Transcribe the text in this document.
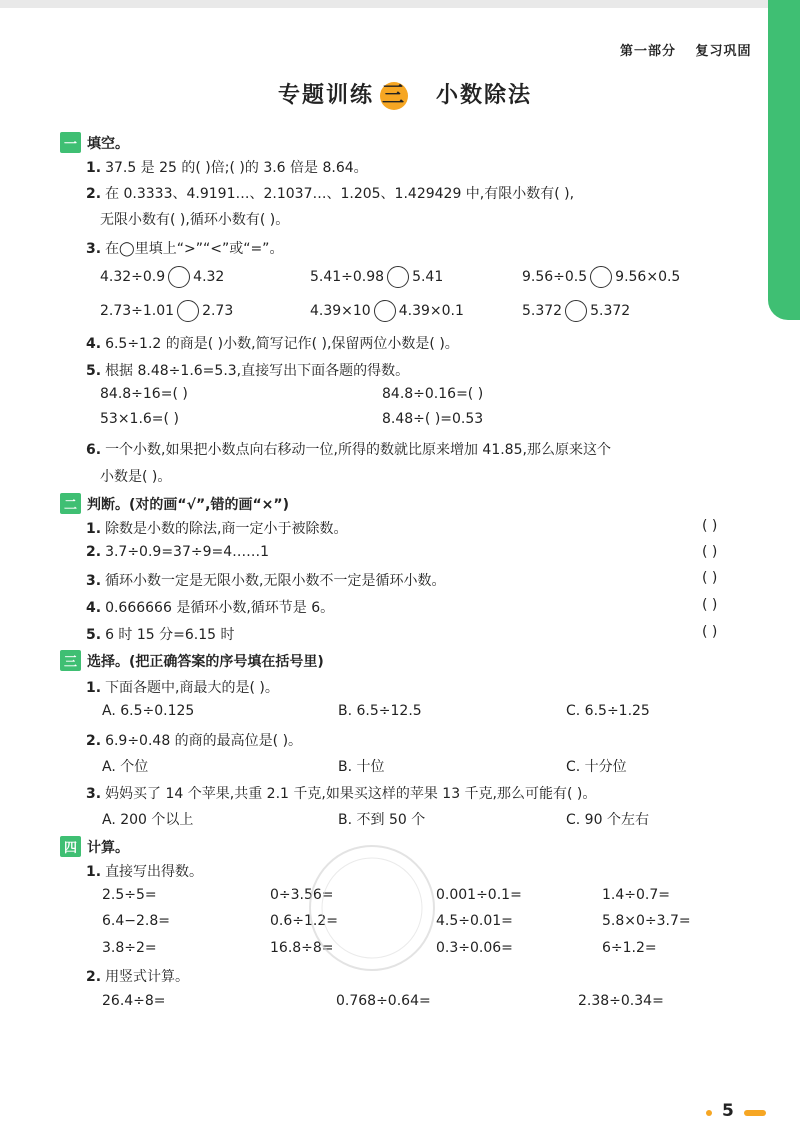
第一部分 复习巩固
专题训练 三 小数除法
一 填空。
1. 37.5 是 25 的( )倍;( )的 3.6 倍是 8.64。
2. 在 0.3333、4.9191…、2.1037…、1.205、1.429429 中,有限小数有( ),
无限小数有( ),循环小数有( )。
3. 在◯里填上“>”“<”或“=”。
4.32÷0.9 4.32	5.41÷0.98 5.41	9.56÷0.5 9.56×0.5
2.73÷1.01 2.73	4.39×10 4.39×0.1	5.372 5.372
4. 6.5÷1.2 的商是( )小数,简写记作( ),保留两位小数是( )。
5. 根据 8.48÷1.6=5.3,直接写出下面各题的得数。
84.8÷16=( )	84.8÷0.16=( )
53×1.6=( )	8.48÷( )=0.53
6. 一个小数,如果把小数点向右移动一位,所得的数就比原来增加 41.85,那么原来这个
小数是( )。
二 判断。(对的画“√”,错的画“×”)
1. 除数是小数的除法,商一定小于被除数。	( )
2. 3.7÷0.9=37÷9=4……1	( )
3. 循环小数一定是无限小数,无限小数不一定是循环小数。	( )
4. 0.666666 是循环小数,循环节是 6。	( )
5. 6 时 15 分=6.15 时	( )
三 选择。(把正确答案的序号填在括号里)
1. 下面各题中,商最大的是( )。
A. 6.5÷0.125	B. 6.5÷12.5	C. 6.5÷1.25
2. 6.9÷0.48 的商的最高位是( )。
A. 个位	B. 十位	C. 十分位
3. 妈妈买了 14 个苹果,共重 2.1 千克,如果买这样的苹果 13 千克,那么可能有( )。
A. 200 个以上	B. 不到 50 个	C. 90 个左右
四 计算。
1. 直接写出得数。
2.5÷5=	0÷3.56=	0.001÷0.1=	1.4÷0.7=
6.4−2.8=	0.6÷1.2=	4.5÷0.01=	5.8×0÷3.7=
3.8÷2=	16.8÷8=	0.3÷0.06=	6÷1.2=
2. 用竖式计算。
26.4÷8=	0.768÷0.64=	2.38÷0.34=
5
